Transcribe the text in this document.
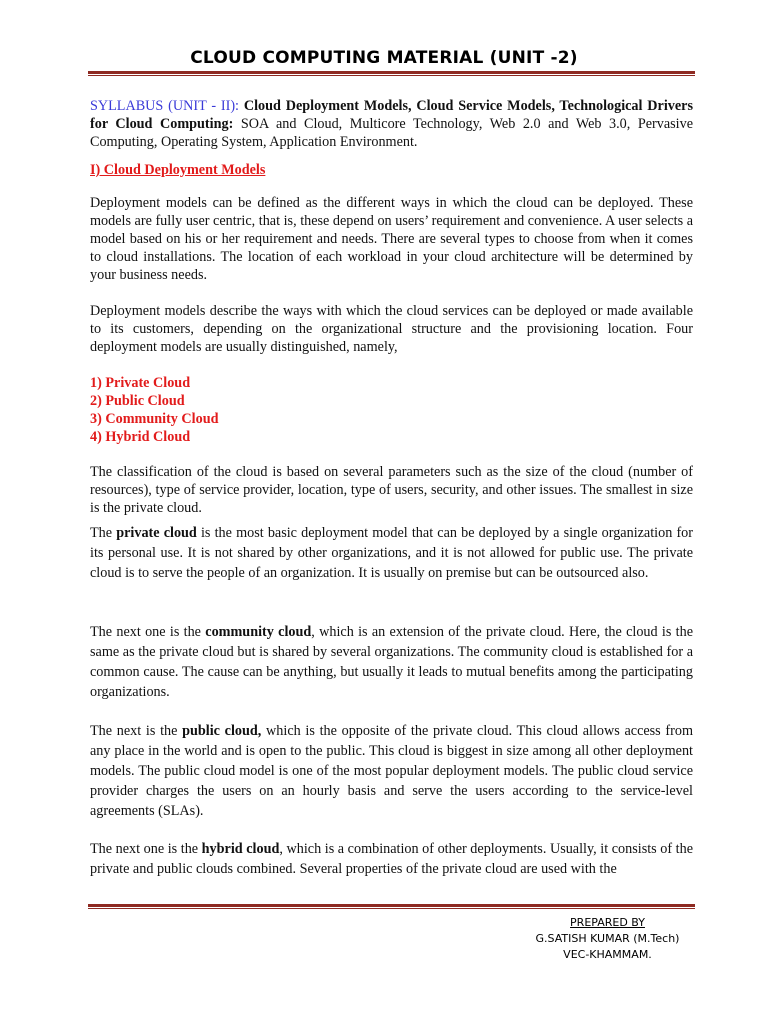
CLOUD COMPUTING MATERIAL (UNIT -2)

SYLLABUS (UNIT - II): Cloud Deployment Models, Cloud Service Models, Technological Drivers for Cloud Computing: SOA and Cloud, Multicore Technology, Web 2.0 and Web 3.0, Pervasive Computing, Operating System, Application Environment.

I) Cloud Deployment Models

Deployment models can be defined as the different ways in which the cloud can be deployed. These models are fully user centric, that is, these depend on users’ requirement and convenience. A user selects a model based on his or her requirement and needs. There are several types to choose from when it comes to cloud installations. The location of each workload in your cloud architecture will be determined by your business needs.

Deployment models describe the ways with which the cloud services can be deployed or made available to its customers, depending on the organizational structure and the provisioning location. Four deployment models are usually distinguished, namely,

1) Private Cloud

2) Public Cloud

3) Community Cloud

4) Hybrid Cloud

The classification of the cloud is based on several parameters such as the size of the cloud (number of resources), type of service provider, location, type of users, security, and other issues. The smallest in size is the private cloud.

The private cloud is the most basic deployment model that can be deployed by a single organization for its personal use. It is not shared by other organizations, and it is not allowed for public use. The private cloud is to serve the people of an organization. It is usually on premise but can be outsourced also.

The next one is the community cloud, which is an extension of the private cloud. Here, the cloud is the same as the private cloud but is shared by several organizations. The community cloud is established for a common cause. The cause can be anything, but usually it leads to mutual benefits among the participating organizations.

The next is the public cloud, which is the opposite of the private cloud. This cloud allows access from any place in the world and is open to the public. This cloud is biggest in size among all other deployment models. The public cloud model is one of the most popular deployment models. The public cloud service provider charges the users on an hourly basis and serve the users according to the service-level agreements (SLAs).

The next one is the hybrid cloud, which is a combination of other deployments. Usually, it consists of the private and public clouds combined. Several properties of the private cloud are used with the

PREPARED BY
G.SATISH KUMAR (M.Tech)
VEC-KHAMMAM.
